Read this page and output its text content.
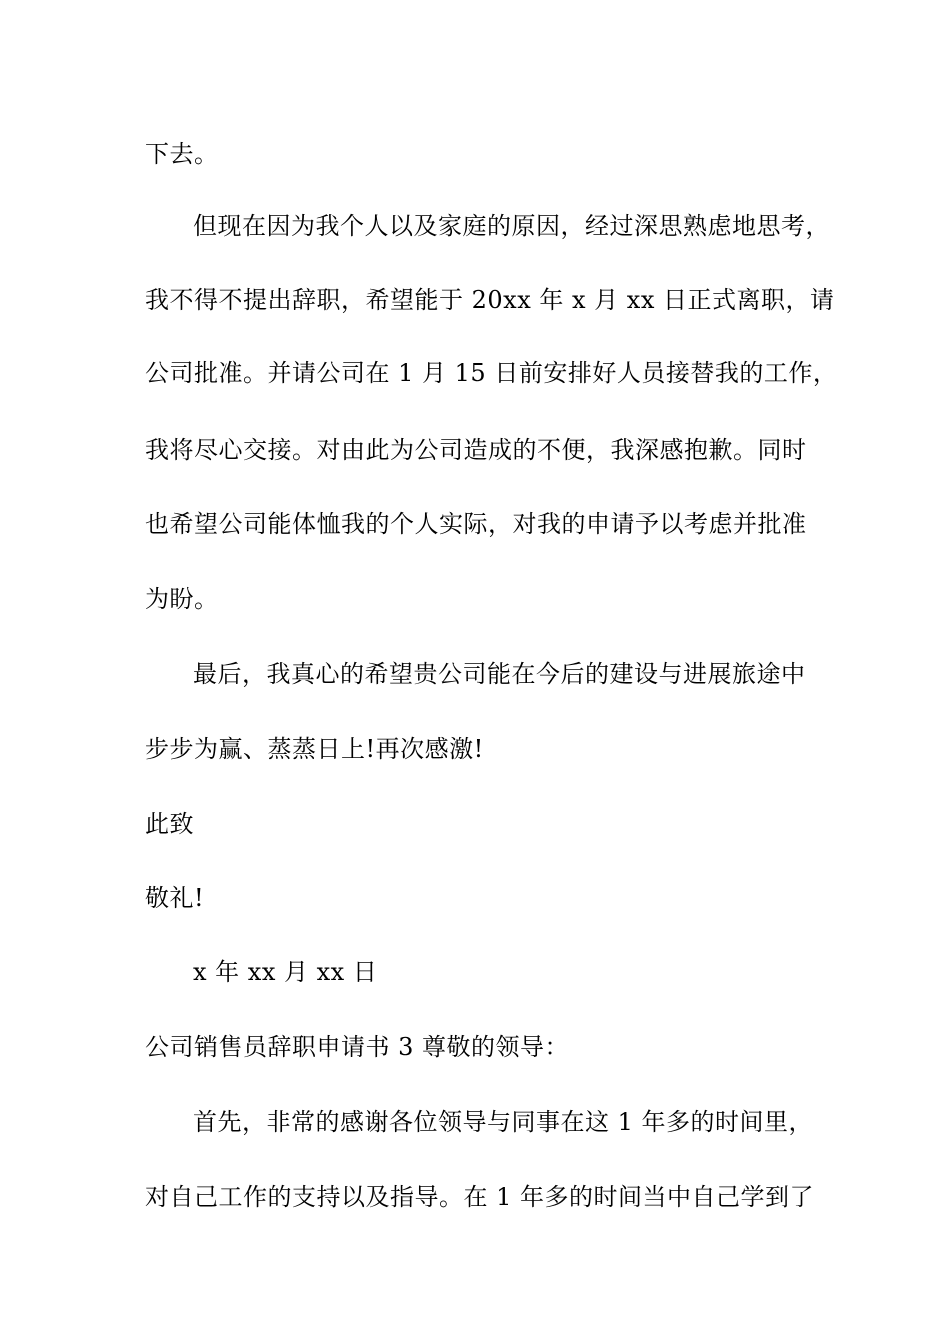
下去。
但现在因为我个人以及家庭的原因，经过深思熟虑地思考，
我不得不提出辞职，希望能于 20xx 年 x 月 xx 日正式离职，请
公司批准。并请公司在 1 月 15 日前安排好人员接替我的工作，
我将尽心交接。对由此为公司造成的不便，我深感抱歉。同时
也希望公司能体恤我的个人实际，对我的申请予以考虑并批准
为盼。
最后，我真心的希望贵公司能在今后的建设与进展旅途中
步步为赢、蒸蒸日上!再次感激!
此致
敬礼!
x 年 xx 月 xx 日
公司销售员辞职申请书 3 尊敬的领导：
首先，非常的感谢各位领导与同事在这 1 年多的时间里，
对自己工作的支持以及指导。在 1 年多的时间当中自己学到了
